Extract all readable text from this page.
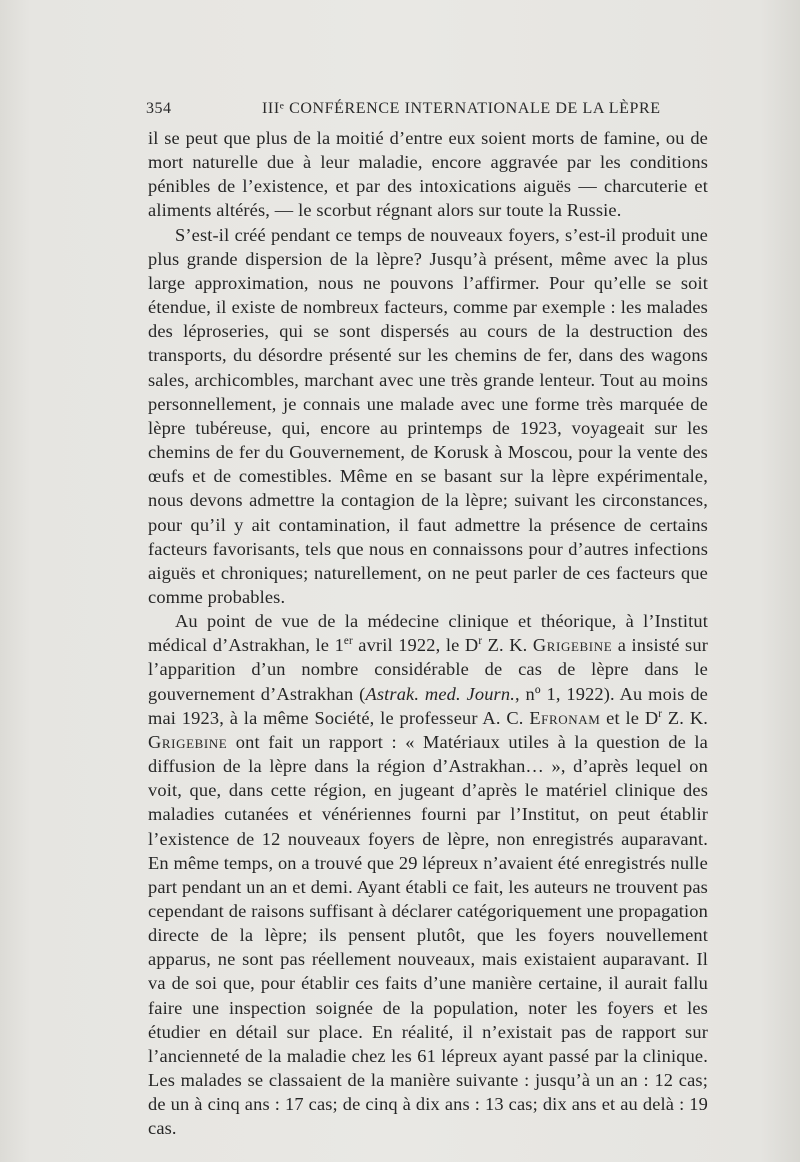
354	IIIᵉ CONFÉRENCE INTERNATIONALE DE LA LÈPRE

il se peut que plus de la moitié d’entre eux soient morts de famine, ou de mort naturelle due à leur maladie, encore aggravée par les conditions pénibles de l’existence, et par des intoxications aiguës — charcuterie et aliments altérés, — le scorbut régnant alors sur toute la Russie.

S’est-il créé pendant ce temps de nouveaux foyers, s’est-il produit une plus grande dispersion de la lèpre? Jusqu’à présent, même avec la plus large approximation, nous ne pouvons l’affirmer. Pour qu’elle se soit étendue, il existe de nombreux facteurs, comme par exemple : les malades des léproseries, qui se sont dispersés au cours de la destruction des transports, du désordre présenté sur les chemins de fer, dans des wagons sales, archicombles, marchant avec une très grande lenteur. Tout au moins personnellement, je connais une malade avec une forme très marquée de lèpre tubéreuse, qui, encore au printemps de 1923, voyageait sur les chemins de fer du Gouvernement, de Korusk à Moscou, pour la vente des œufs et de comestibles. Même en se basant sur la lèpre expérimentale, nous devons admettre la contagion de la lèpre; suivant les circonstances, pour qu’il y ait contamination, il faut admettre la présence de certains facteurs favorisants, tels que nous en connaissons pour d’autres infections aiguës et chroniques; naturellement, on ne peut parler de ces facteurs que comme probables.

Au point de vue de la médecine clinique et théorique, à l’Institut médical d’Astrakhan, le 1er avril 1922, le $D^r$ Z. K. Grigebine a insisté sur l’apparition d’un nombre considérable de cas de lèpre dans le gouvernement d’Astrakhan (Astrak. med. Journ., nº 1, 1922). Au mois de mai 1923, à la même Société, le professeur A. C. Efronam et le $D^r$ Z. K. Grigebine ont fait un rapport : « Matériaux utiles à la question de la diffusion de la lèpre dans la région d’Astrakhan… », d’après lequel on voit, que, dans cette région, en jugeant d’après le matériel clinique des maladies cutanées et vénériennes fourni par l’Institut, on peut établir l’existence de 12 nouveaux foyers de lèpre, non enregistrés auparavant. En même temps, on a trouvé que 29 lépreux n’avaient été enregistrés nulle part pendant un an et demi. Ayant établi ce fait, les auteurs ne trouvent pas cependant de raisons suffisant à déclarer catégoriquement une propagation directe de la lèpre; ils pensent plutôt, que les foyers nouvellement apparus, ne sont pas réellement nouveaux, mais existaient auparavant. Il va de soi que, pour établir ces faits d’une manière certaine, il aurait fallu faire une inspection soignée de la population, noter les foyers et les étudier en détail sur place. En réalité, il n’existait pas de rapport sur l’ancienneté de la maladie chez les 61 lépreux ayant passé par la clinique. Les malades se classaient de la manière suivante : jusqu’à un an : 12 cas; de un à cinq ans : 17 cas; de cinq à dix ans : 13 cas; dix ans et au delà : 19 cas.
